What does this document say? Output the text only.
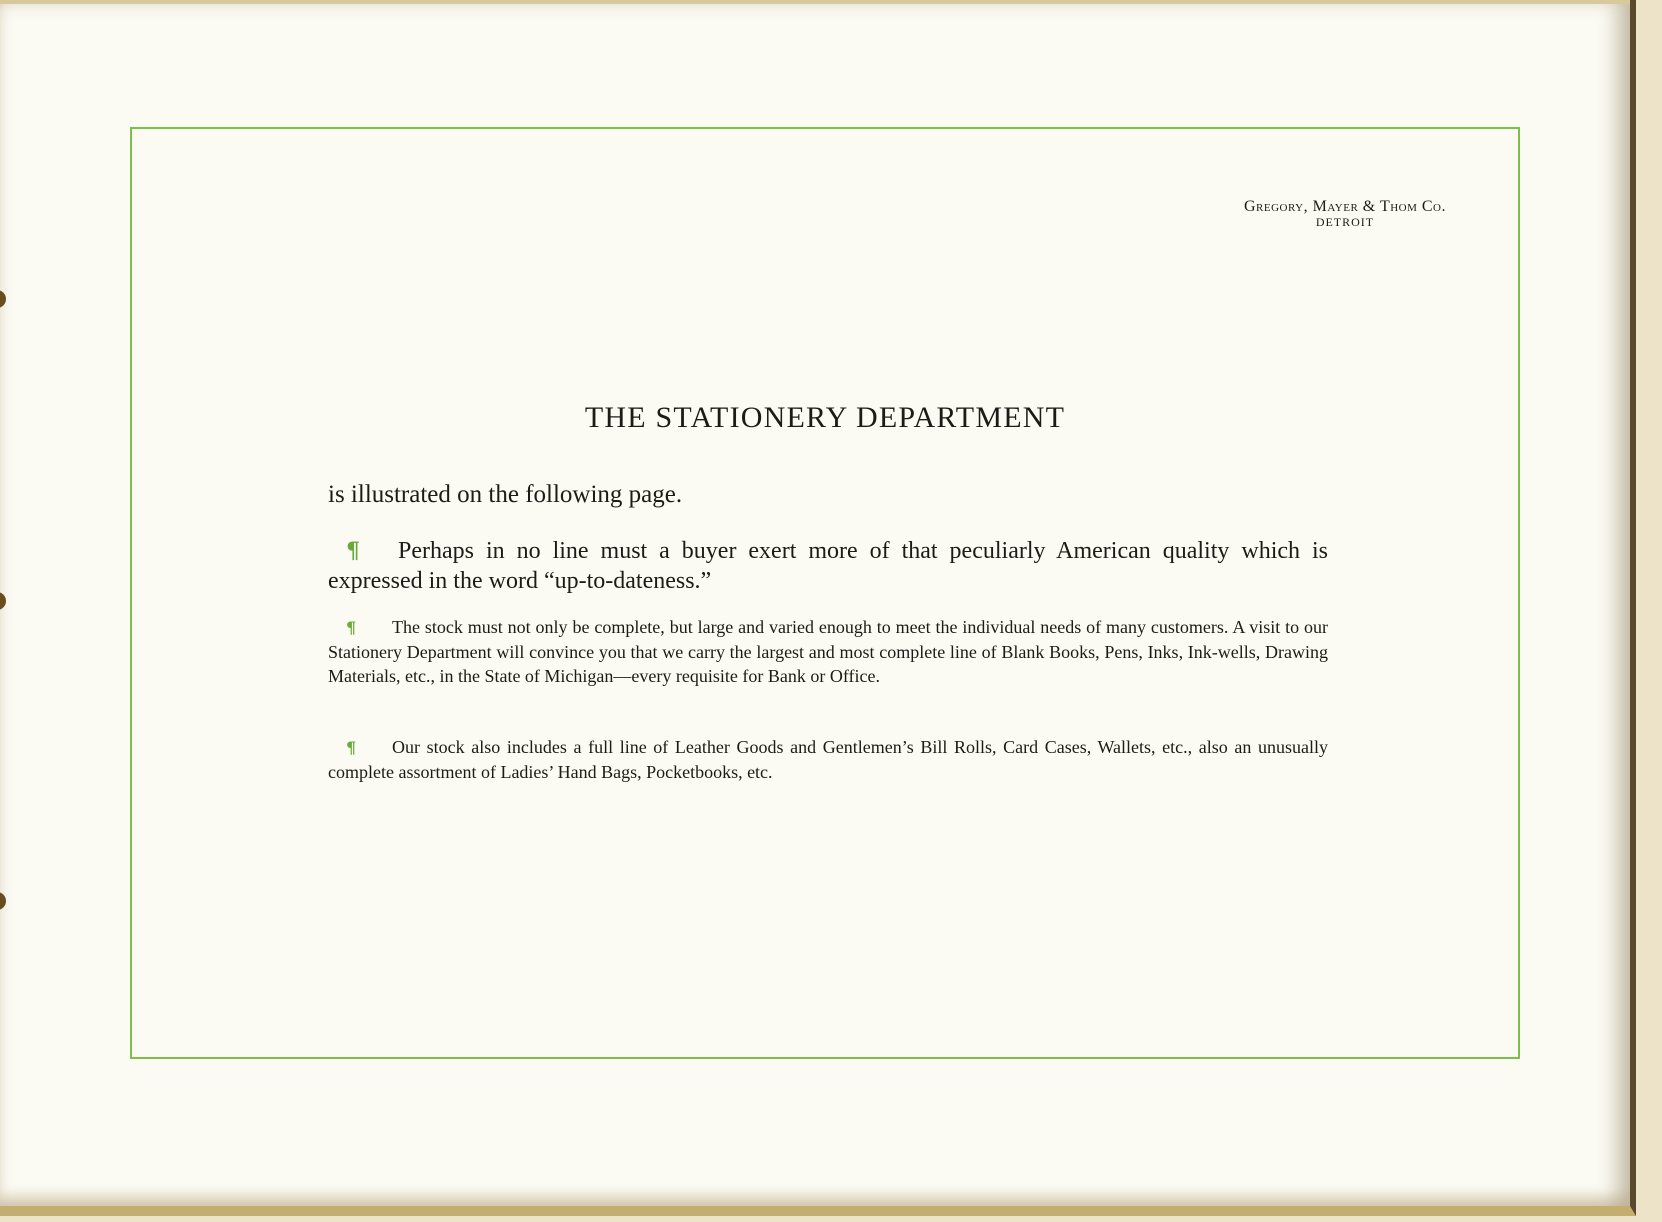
Gregory, Mayer & Thom Co.
DETROIT
THE STATIONERY DEPARTMENT
is illustrated on the following page.
¶ Perhaps in no line must a buyer exert more of that peculiarly American quality which is expressed in the word “up-to-dateness.”
¶ The stock must not only be complete, but large and varied enough to meet the individual needs of many customers. A visit to our Stationery Department will convince you that we carry the largest and most complete line of Blank Books, Pens, Inks, Ink-wells, Drawing Materials, etc., in the State of Michigan—every requisite for Bank or Office.
¶ Our stock also includes a full line of Leather Goods and Gentlemen’s Bill Rolls, Card Cases, Wallets, etc., also an unusually complete assortment of Ladies’ Hand Bags, Pocketbooks, etc.
